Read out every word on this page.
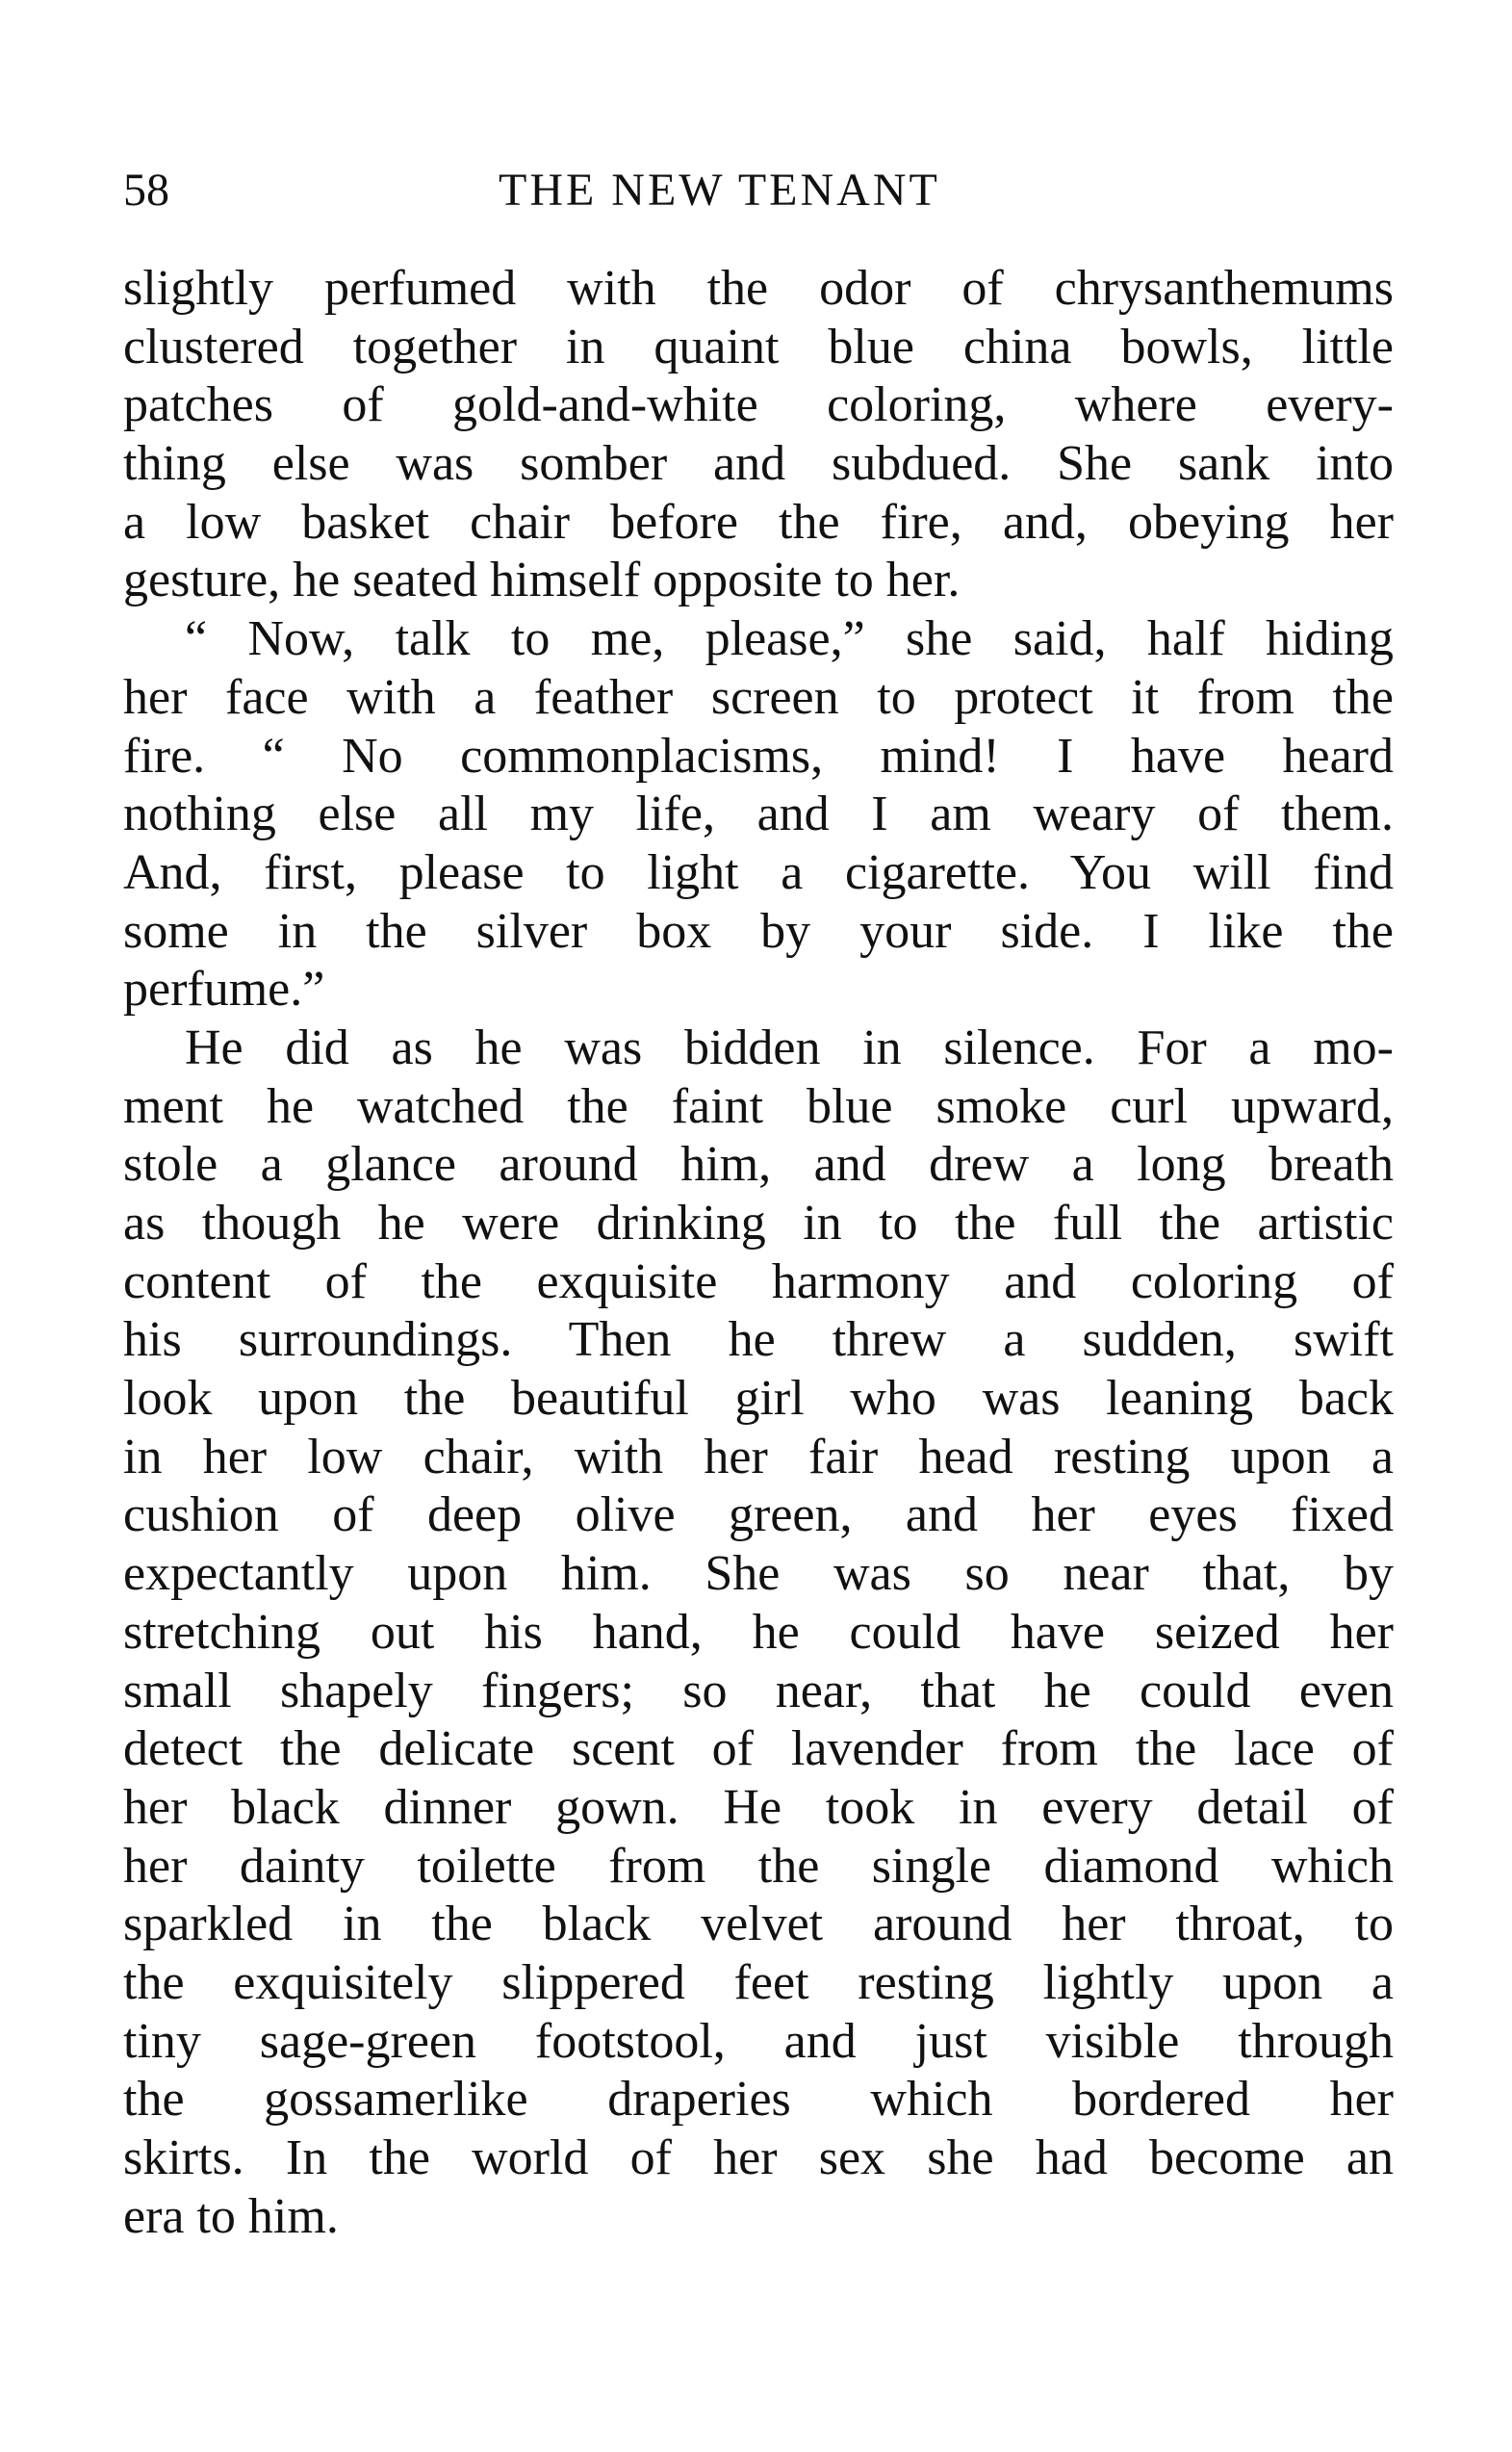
58	THE NEW TENANT
slightly perfumed with the odor of chrysanthemums
clustered together in quaint blue china bowls, little
patches of gold-and-white coloring, where every-
thing else was somber and subdued. She sank into
a low basket chair before the fire, and, obeying her
gesture, he seated himself opposite to her.
“ Now, talk to me, please,” she said, half hiding
her face with a feather screen to protect it from the
fire. “ No commonplacisms, mind! I have heard
nothing else all my life, and I am weary of them.
And, first, please to light a cigarette. You will find
some in the silver box by your side. I like the
perfume.”
He did as he was bidden in silence. For a mo-
ment he watched the faint blue smoke curl upward,
stole a glance around him, and drew a long breath
as though he were drinking in to the full the artistic
content of the exquisite harmony and coloring of
his surroundings. Then he threw a sudden, swift
look upon the beautiful girl who was leaning back
in her low chair, with her fair head resting upon a
cushion of deep olive green, and her eyes fixed
expectantly upon him. She was so near that, by
stretching out his hand, he could have seized her
small shapely fingers; so near, that he could even
detect the delicate scent of lavender from the lace of
her black dinner gown. He took in every detail of
her dainty toilette from the single diamond which
sparkled in the black velvet around her throat, to
the exquisitely slippered feet resting lightly upon a
tiny sage-green footstool, and just visible through
the gossamerlike draperies which bordered her
skirts. In the world of her sex she had become an
era to him.
